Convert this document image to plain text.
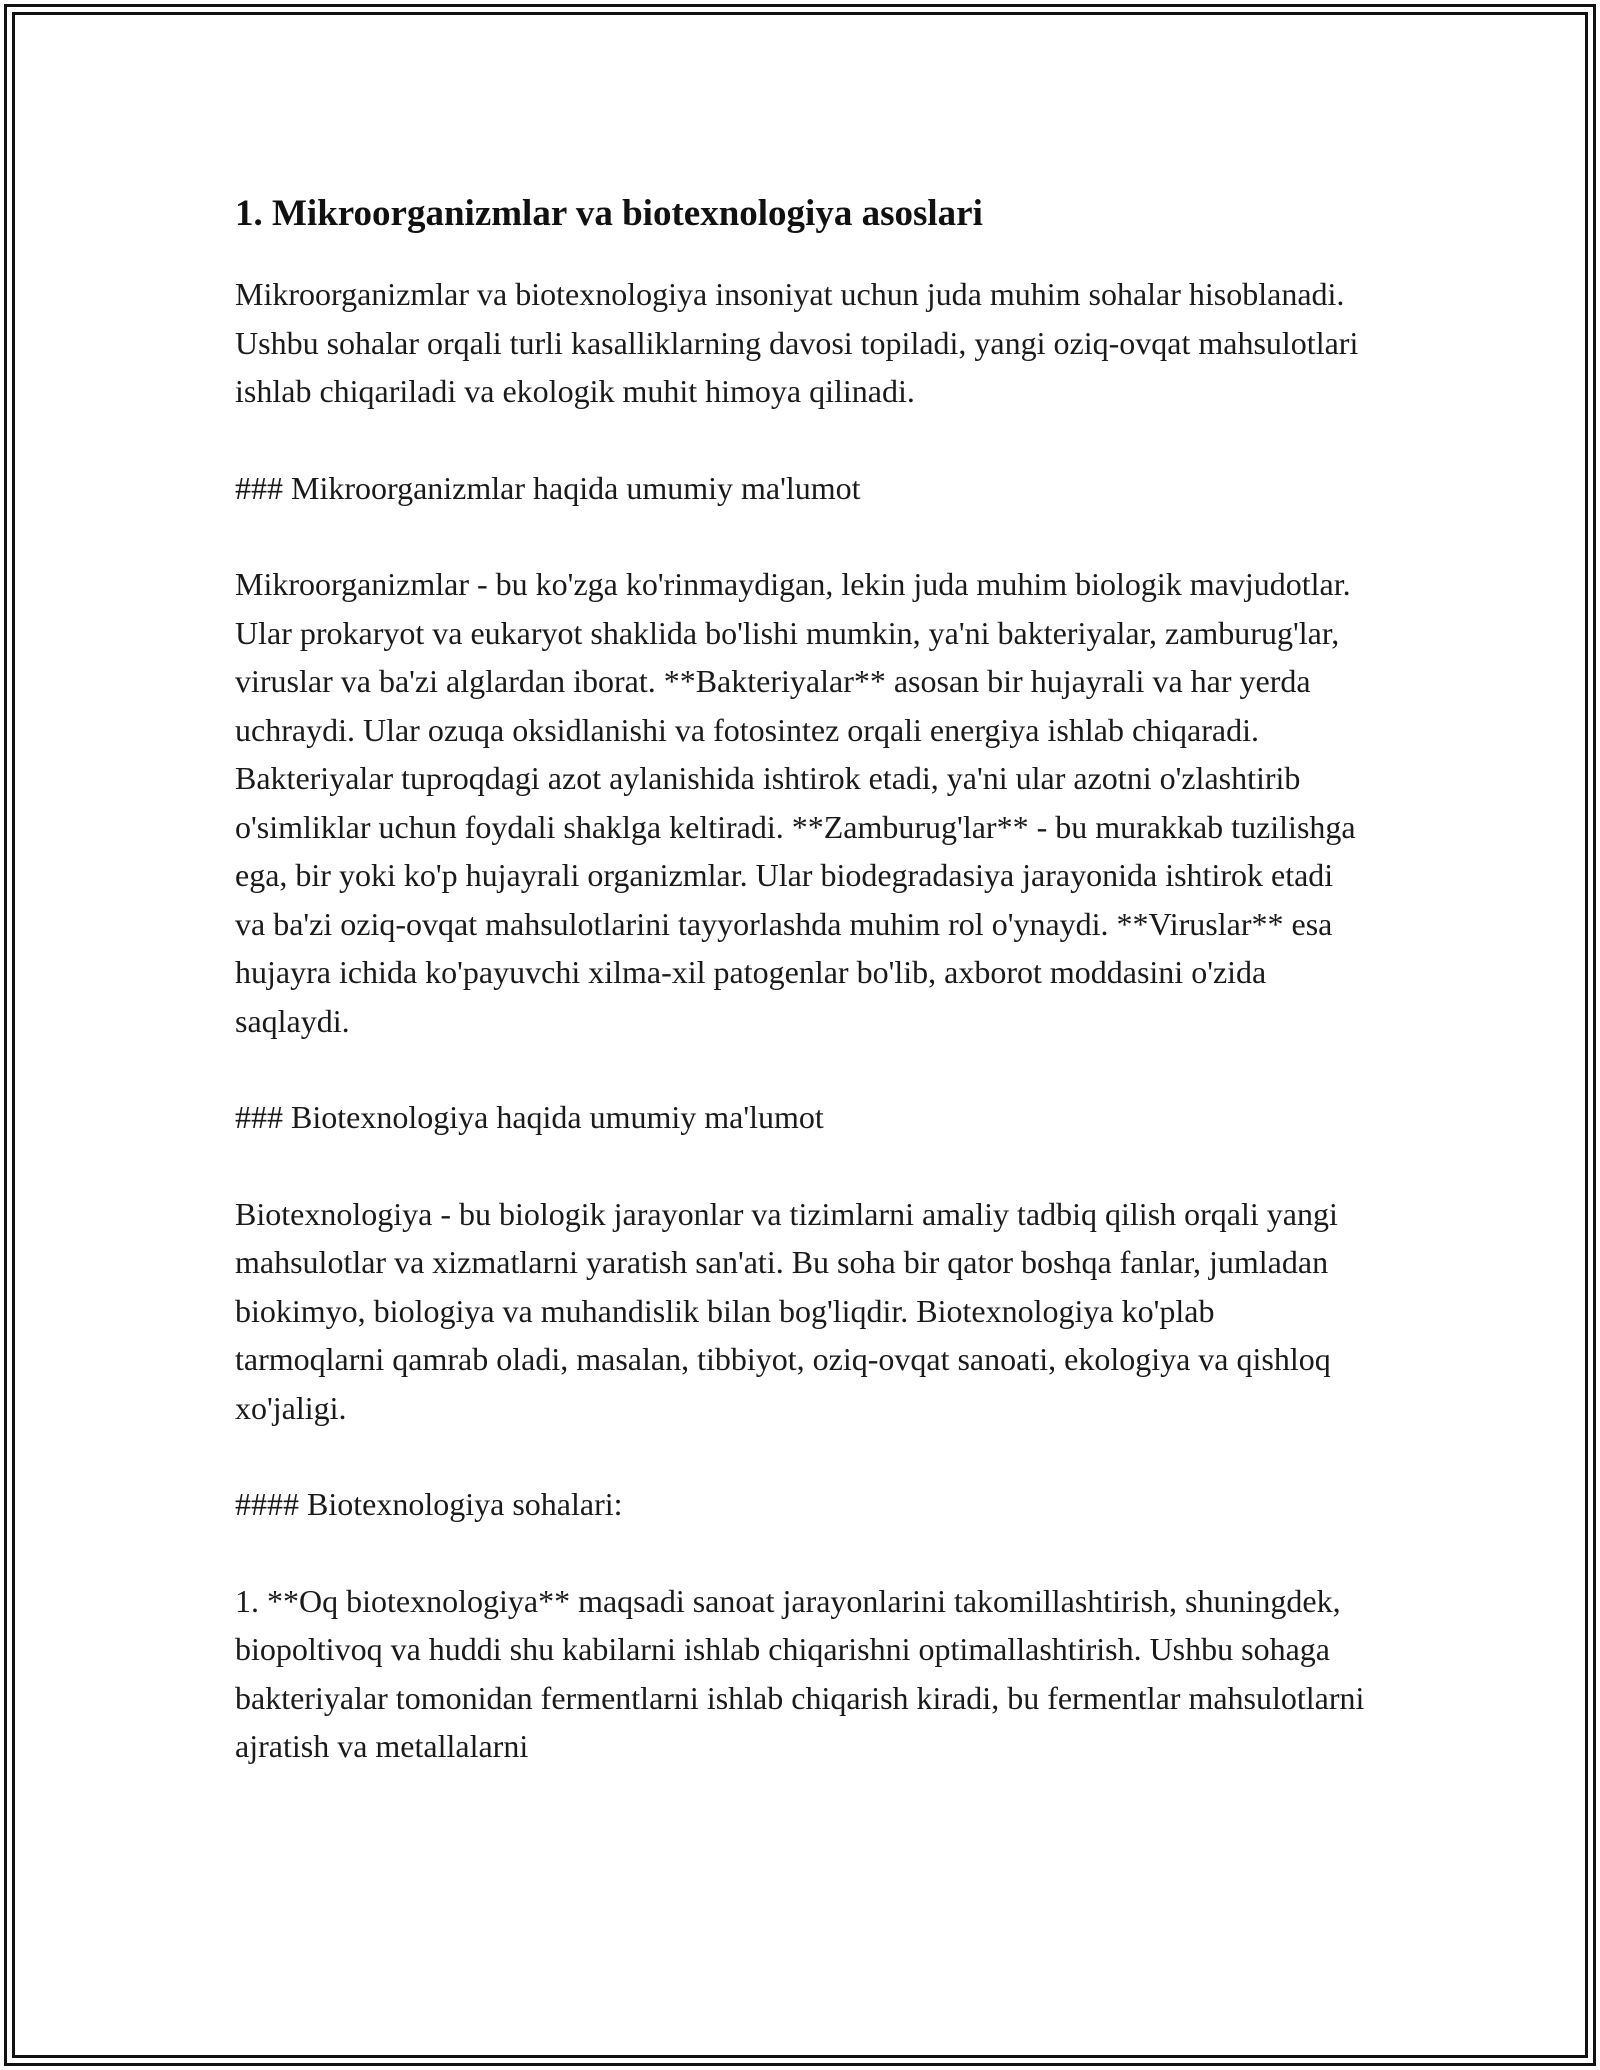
1. Mikroorganizmlar va biotexnologiya asoslari

Mikroorganizmlar va biotexnologiya insoniyat uchun juda muhim sohalar hisoblanadi. Ushbu sohalar orqali turli kasalliklarning davosi topiladi, yangi oziq-ovqat mahsulotlari ishlab chiqariladi va ekologik muhit himoya qilinadi.

### Mikroorganizmlar haqida umumiy ma'lumot

Mikroorganizmlar - bu ko'zga ko'rinmaydigan, lekin juda muhim biologik mavjudotlar. Ular prokaryot va eukaryot shaklida bo'lishi mumkin, ya'ni bakteriyalar, zamburug'lar, viruslar va ba'zi alglardan iborat. **Bakteriyalar** asosan bir hujayrali va har yerda uchraydi. Ular ozuqa oksidlanishi va fotosintez orqali energiya ishlab chiqaradi. Bakteriyalar tuproqdagi azot aylanishida ishtirok etadi, ya'ni ular azotni o'zlashtirib o'simliklar uchun foydali shaklga keltiradi. **Zamburug'lar** - bu murakkab tuzilishga ega, bir yoki ko'p hujayrali organizmlar. Ular biodegradasiya jarayonida ishtirok etadi va ba'zi oziq-ovqat mahsulotlarini tayyorlashda muhim rol o'ynaydi. **Viruslar** esa hujayra ichida ko'payuvchi xilma-xil patogenlar bo'lib, axborot moddasini o'zida saqlaydi.

### Biotexnologiya haqida umumiy ma'lumot

Biotexnologiya - bu biologik jarayonlar va tizimlarni amaliy tadbiq qilish orqali yangi mahsulotlar va xizmatlarni yaratish san'ati. Bu soha bir qator boshqa fanlar, jumladan biokimyo, biologiya va muhandislik bilan bog'liqdir. Biotexnologiya ko'plab tarmoqlarni qamrab oladi, masalan, tibbiyot, oziq-ovqat sanoati, ekologiya va qishloq xo'jaligi.

#### Biotexnologiya sohalari:

1. **Oq biotexnologiya** maqsadi sanoat jarayonlarini takomillashtirish, shuningdek, biopoltivoq va huddi shu kabilarni ishlab chiqarishni optimallashtirish. Ushbu sohaga bakteriyalar tomonidan fermentlarni ishlab chiqarish kiradi, bu fermentlar mahsulotlarni ajratish va metallalarni
